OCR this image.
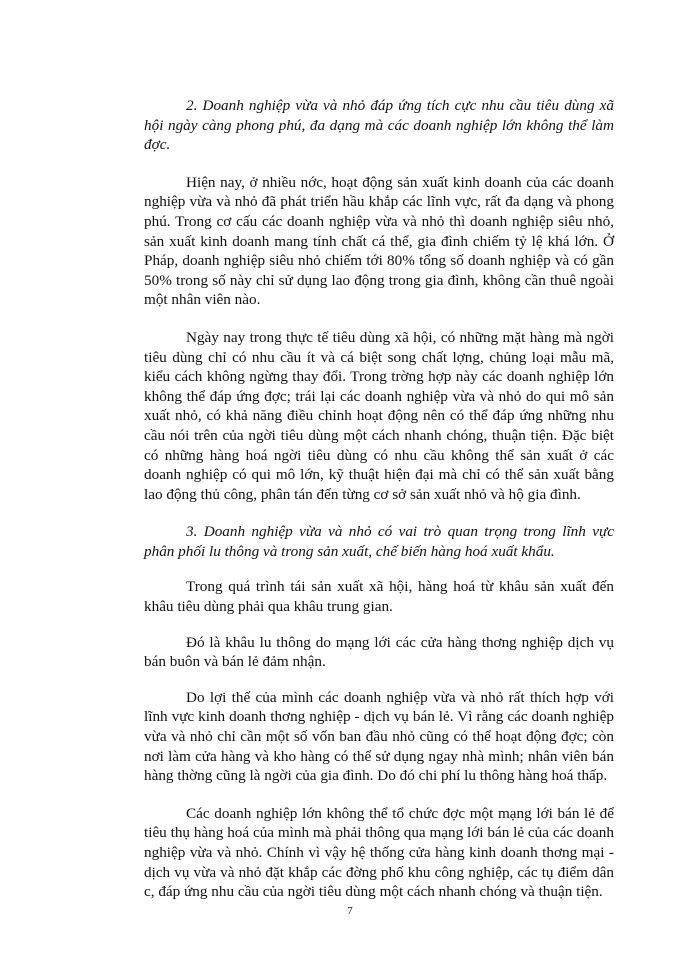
2. Doanh nghiệp vừa và nhỏ đáp ứng tích cực nhu cầu tiêu dùng xã hội ngày càng phong phú, đa dạng mà các doanh nghiệp lớn không thể làm đợc.

Hiện nay, ở nhiều nớc, hoạt động sản xuất kinh doanh của các doanh nghiệp vừa và nhỏ đã phát triển hầu khắp các lĩnh vực, rất đa dạng và phong phú. Trong cơ cấu các doanh nghiệp vừa và nhỏ thì doanh nghiệp siêu nhỏ, sản xuất kinh doanh mang tính chất cá thể, gia đình chiếm tỷ lệ khá lớn. Ở Pháp, doanh nghiệp siêu nhỏ chiếm tới 80% tổng số doanh nghiệp và có gần 50% trong số này chỉ sử dụng lao động trong gia đình, không cần thuê ngoài một nhân viên nào.

Ngày nay trong thực tế tiêu dùng xã hội, có những mặt hàng mà ngời tiêu dùng chỉ có nhu cầu ít và cá biệt song chất lợng, chủng loại mẫu mã, kiểu cách không ngừng thay đổi. Trong trờng hợp này các doanh nghiệp lớn không thể đáp ứng đợc; trái lại các doanh nghiệp vừa và nhỏ do qui mô sản xuất nhỏ, có khả năng điều chỉnh hoạt động nên có thể đáp ứng những nhu cầu nói trên của ngời tiêu dùng một cách nhanh chóng, thuận tiện. Đặc biệt có những hàng hoá ngời tiêu dùng có nhu cầu không thể sản xuất ở các doanh nghiệp có qui mô lớn, kỹ thuật hiện đại mà chỉ có thể sản xuất bằng lao động thủ công, phân tán đến từng cơ sở sản xuất nhỏ và hộ gia đình.

3. Doanh nghiệp vừa và nhỏ có vai trò quan trọng trong lĩnh vực phân phối lu thông và trong sản xuất, chế biến hàng hoá xuất khẩu.

Trong quá trình tái sản xuất xã hội, hàng hoá từ khâu sản xuất đến khâu tiêu dùng phải qua khâu trung gian.

Đó là khâu lu thông do mạng lới các cửa hàng thơng nghiệp dịch vụ bán buôn và bán lẻ đảm nhận.

Do lợi thế của mình các doanh nghiệp vừa và nhỏ rất thích hợp với lĩnh vực kinh doanh thơng nghiệp - dịch vụ bán lẻ. Vì rằng các doanh nghiệp vừa và nhỏ chỉ cần một số vốn ban đầu nhỏ cũng có thể hoạt động đợc; còn nơi làm cửa hàng và kho hàng có thể sử dụng ngay nhà mình; nhân viên bán hàng thờng cũng là ngời của gia đình. Do đó chi phí lu thông hàng hoá thấp.

Các doanh nghiệp lớn không thể tổ chức đợc một mạng lới bán lẻ để tiêu thụ hàng hoá của mình mà phải thông qua mạng lới bán lẻ của các doanh nghiệp vừa và nhỏ. Chính vì vậy hệ thống cửa hàng kinh doanh thơng mại - dịch vụ vừa và nhỏ đặt khắp các đờng phố khu công nghiệp, các tụ điểm dân c, đáp ứng nhu cầu của ngời tiêu dùng một cách nhanh chóng và thuận tiện.

7
